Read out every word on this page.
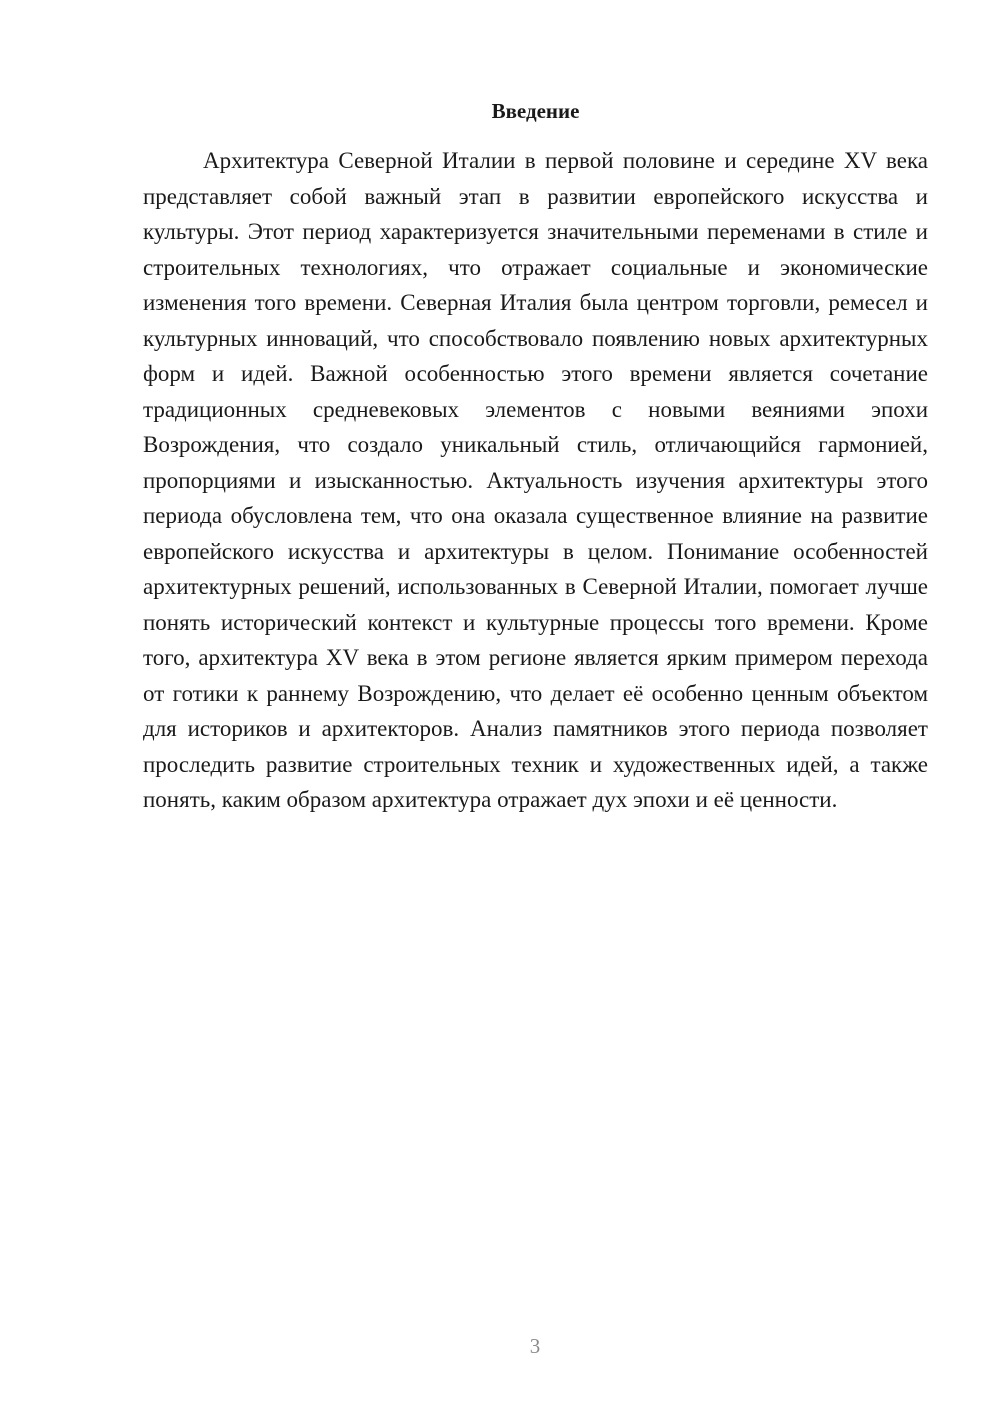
Введение

Архитектура Северной Италии в первой половине и середине XV века представляет собой важный этап в развитии европейского искусства и культуры. Этот период характеризуется значительными переменами в стиле и строительных технологиях, что отражает социальные и экономические изменения того времени. Северная Италия была центром торговли, ремесел и культурных инноваций, что способствовало появлению новых архитектурных форм и идей. Важной особенностью этого времени является сочетание традиционных средневековых элементов с новыми веяниями эпохи Возрождения, что создало уникальный стиль, отличающийся гармонией, пропорциями и изысканностью. Актуальность изучения архитектуры этого периода обусловлена тем, что она оказала существенное влияние на развитие европейского искусства и архитектуры в целом. Понимание особенностей архитектурных решений, использованных в Северной Италии, помогает лучше понять исторический контекст и культурные процессы того времени. Кроме того, архитектура XV века в этом регионе является ярким примером перехода от готики к раннему Возрождению, что делает её особенно ценным объектом для историков и архитекторов. Анализ памятников этого периода позволяет проследить развитие строительных техник и художественных идей, а также понять, каким образом архитектура отражает дух эпохи и её ценности.

3
